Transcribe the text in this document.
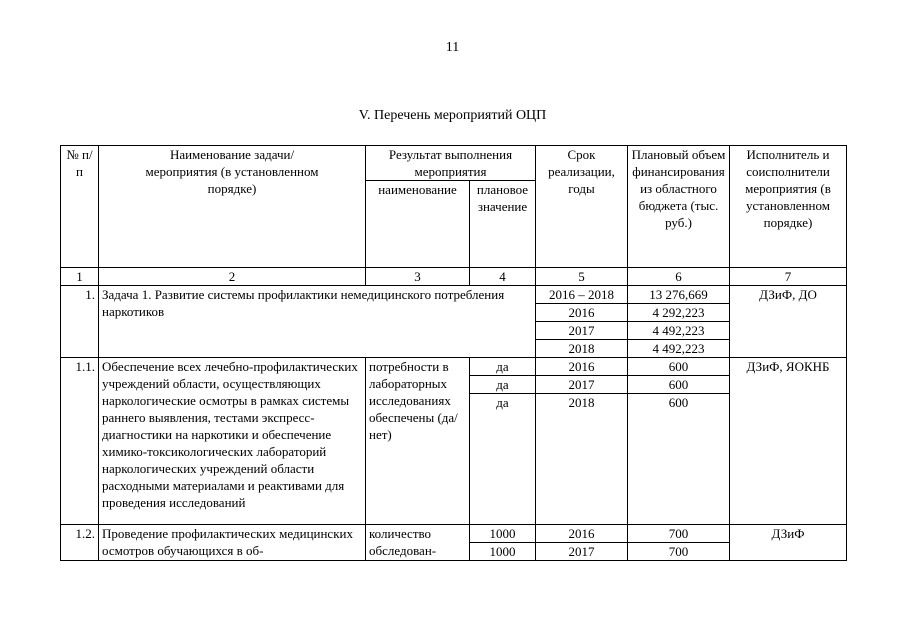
11
V. Перечень мероприятий ОЦП
№ п/п	Наименование задачи/ мероприятия (в установленном порядке)	Результат выполнения мероприятия		Срок реализации, годы	Плановый объем финансирования из областного бюджета (тыс. руб.)	Исполнитель и соисполнители мероприятия (в установленном порядке)
		наименование	плановое значение			
1	2	3	4	5	6	7
1.	Задача 1. Развитие системы профилактики немедицинского потребления наркотиков			2016 – 2018	13 276,669	ДЗиФ, ДО
				2016	4 292,223	
				2017	4 492,223	
				2018	4 492,223	
1.1.	Обеспечение всех лечебно-профилактических учреждений области, осуществляющих наркологические осмотры в рамках системы раннего выявления, тестами экспресс-диагностики на наркотики и обеспечение химико-токсикологических лабораторий наркологических учреждений области расходными материалами и реактивами для проведения исследований	потребности в лабораторных исследованиях обеспечены (да/нет)	да	2016	600	ДЗиФ, ЯОКНБ
			да	2017	600	
			да	2018	600	
1.2.	Проведение профилактических медицинских осмотров обучающихся в об-	количество обследован-	1000	2016	700	ДЗиФ
			1000	2017	700	
